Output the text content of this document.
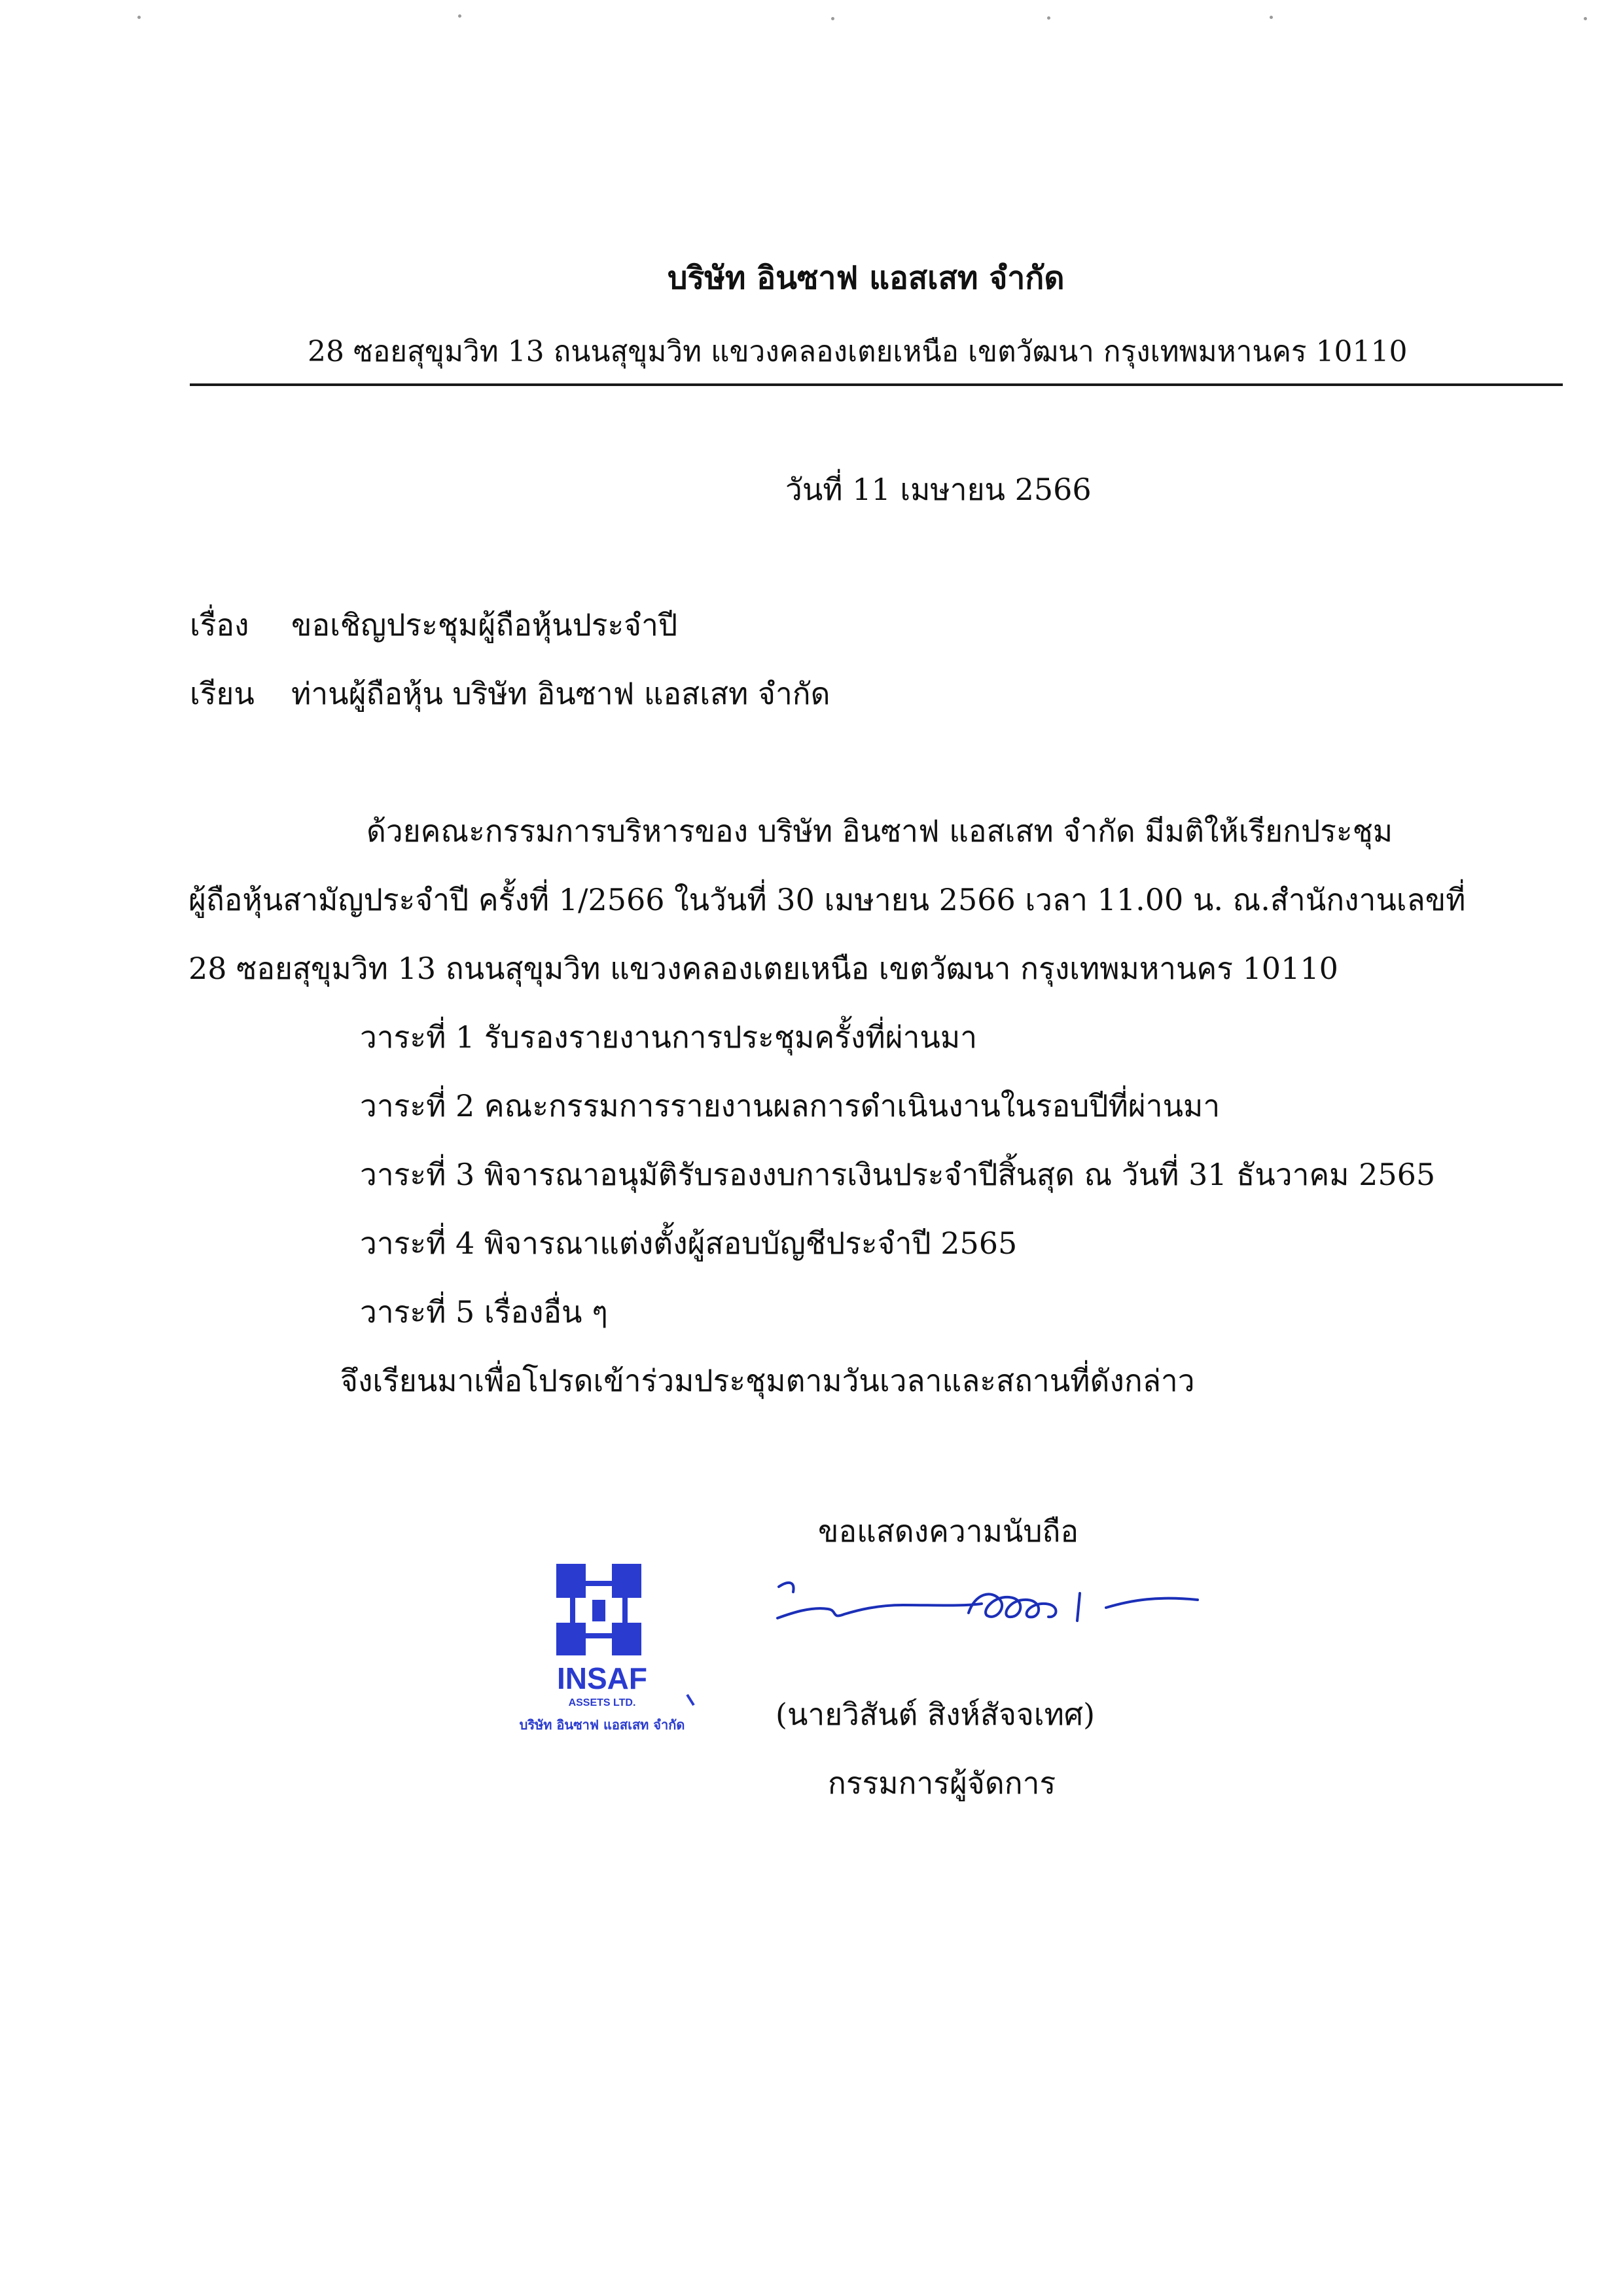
บริษัท อินซาฟ แอสเสท จำกัด
28 ซอยสุขุมวิท 13 ถนนสุขุมวิท แขวงคลองเตยเหนือ เขตวัฒนา กรุงเทพมหานคร 10110
วันที่ 11 เมษายน 2566
เรื่อง ขอเชิญประชุมผู้ถือหุ้นประจำปี
เรียน ท่านผู้ถือหุ้น บริษัท อินซาฟ แอสเสท จำกัด
ด้วยคณะกรรมการบริหารของ บริษัท อินซาฟ แอสเสท จำกัด มีมติให้เรียกประชุม
ผู้ถือหุ้นสามัญประจำปี ครั้งที่ 1/2566 ในวันที่ 30 เมษายน 2566 เวลา 11.00 น. ณ.สำนักงานเลขที่
28 ซอยสุขุมวิท 13 ถนนสุขุมวิท แขวงคลองเตยเหนือ เขตวัฒนา กรุงเทพมหานคร 10110
วาระที่ 1 รับรองรายงานการประชุมครั้งที่ผ่านมา
วาระที่ 2 คณะกรรมการรายงานผลการดำเนินงานในรอบปีที่ผ่านมา
วาระที่ 3 พิจารณาอนุมัติรับรองงบการเงินประจำปีสิ้นสุด ณ วันที่ 31 ธันวาคม 2565
วาระที่ 4 พิจารณาแต่งตั้งผู้สอบบัญชีประจำปี 2565
วาระที่ 5 เรื่องอื่น ๆ
จึงเรียนมาเพื่อโปรดเข้าร่วมประชุมตามวันเวลาและสถานที่ดังกล่าว
ขอแสดงความนับถือ
INSAF
ASSETS LTD.
บริษัท อินซาฟ แอสเสท จำกัด	(นายวิสันต์ สิงห์สัจจเทศ)
กรรมการผู้จัดการ
